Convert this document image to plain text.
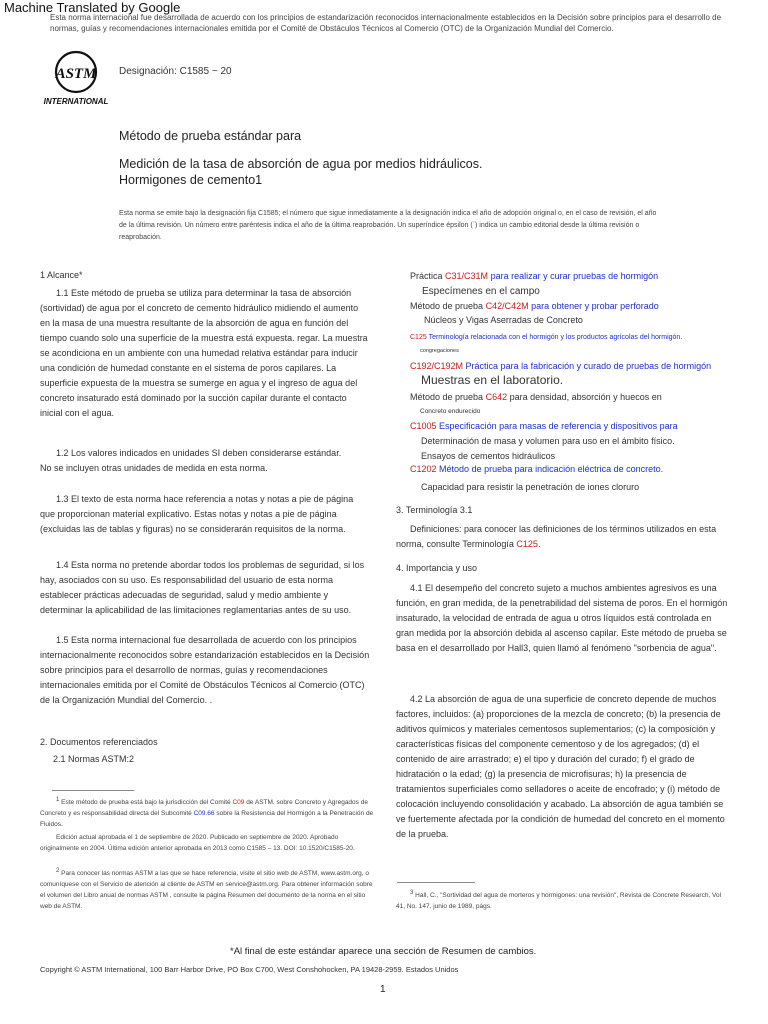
Esta norma internacional fue desarrollada de acuerdo con los principios de estandarización reconocidos internacionalmente establecidos en la Decisión sobre principios para el desarrollo de normas, guías y recomendaciones internacionales emitida por el Comité de Obstáculos Técnicos al Comercio (OTC) de la Organización Mundial del Comercio.
Machine Translated by Google
ASTM
INTERNATIONAL
Designación: C1585 − 20
Método de prueba estándar para
Medición de la tasa de absorción de agua por medios hidráulicos.
Hormigones de cemento1
Esta norma se emite bajo la designación fija C1585; el número que sigue inmediatamente a la designación indica el año de adopción original o, en el caso de revisión, el año de la última revisión. Un número entre paréntesis indica el año de la última reaprobación. Un superíndice épsilon (´) indica un cambio editorial desde la última revisión o reaprobación.
1 Alcance*

1.1 Este método de prueba se utiliza para determinar la tasa de absorción (sortividad) de agua por el concreto de cemento hidráulico midiendo el aumento en la masa de una muestra resultante de la absorción de agua en función del tiempo cuando solo una superficie de la muestra está expuesta. regar. La muestra se acondiciona en un ambiente con una humedad relativa estándar para inducir una condición de humedad constante en el sistema de poros capilares. La superficie expuesta de la muestra se sumerge en agua y el ingreso de agua del concreto insaturado está dominado por la succión capilar durante el contacto inicial con el agua.

1.2 Los valores indicados en unidades SI deben considerarse estándar.

No se incluyen otras unidades de medida en esta norma.

1.3 El texto de esta norma hace referencia a notas y notas a pie de página

que proporcionan material explicativo. Estas notas y notas a pie de página (excluidas las de tablas y figuras) no se considerarán requisitos de la norma.

1.4 Esta norma no pretende abordar todos los problemas de seguridad, si los hay, asociados con su uso. Es responsabilidad del usuario de esta norma establecer prácticas adecuadas de seguridad, salud y medio ambiente y determinar la aplicabilidad de las limitaciones reglamentarias antes de su uso.

1.5 Esta norma internacional fue desarrollada de acuerdo con los principios internacionalmente reconocidos sobre estandarización establecidos en la Decisión sobre principios para el desarrollo de normas, guías y recomendaciones internacionales emitida por el Comité de Obstáculos Técnicos al Comercio (OTC) de la Organización Mundial del Comercio. .

2. Documentos referenciados
2.1 Normas ASTM:2

1 Este método de prueba está bajo la jurisdicción del Comité C09 de ASTM. sobre Concreto y Agregados de Concreto y es responsabilidad directa del Subcomité C09.66 sobre la Resistencia del Hormigón a la Penetración de Fluidos.

Edición actual aprobada el 1 de septiembre de 2020. Publicado en septiembre de 2020. Aprobado originalmente en 2004. Última edición anterior aprobada en 2013 como C1585 – 13. DOI: 10.1520/C1585-20.

2 Para conocer las normas ASTM a las que se hace referencia, visite el sitio web de ASTM, www.astm.org, o comuníquese con el Servicio de atención al cliente de ASTM en service@astm.org. Para obtener información sobre el volumen del Libro anual de normas ASTM , consulte la página Resumen del documento de la norma en el sitio web de ASTM.

Práctica C31/C31M para realizar y curar pruebas de hormigón
Especímenes en el campo
Método de prueba C42/C42M para obtener y probar perforado
Núcleos y Vigas Aserradas de Concreto
C125 Terminología relacionada con el hormigón y los productos agrícolas del hormigón.
congregaciones
C192/C192M Práctica para la fabricación y curado de pruebas de hormigón
Muestras en el laboratorio.
Método de prueba C642 para densidad, absorción y huecos en
Concreto endurecido
C1005 Especificación para masas de referencia y dispositivos para
Determinación de masa y volumen para uso en el ámbito físico.
Ensayos de cementos hidráulicos
C1202 Método de prueba para indicación eléctrica de concreto.
Capacidad para resistir la penetración de iones cloruro
3. Terminología 3.1

Definiciones: para conocer las definiciones de los términos utilizados en esta norma, consulte Terminología C125.

4. Importancia y uso

4.1 El desempeño del concreto sujeto a muchos ambientes agresivos es una función, en gran medida, de la penetrabilidad del sistema de poros. En el hormigón insaturado, la velocidad de entrada de agua u otros líquidos está controlada en gran medida por la absorción debida al ascenso capilar. Este método de prueba se basa en el desarrollado por Hall3, quien llamó al fenómeno "sorbencia de agua".

4.2 La absorción de agua de una superficie de concreto depende de muchos factores, incluidos: (a) proporciones de la mezcla de concreto; (b) la presencia de aditivos químicos y materiales cementosos suplementarios; (c) la composición y características físicas del componente cementoso y de los agregados; (d) el contenido de aire arrastrado; e) el tipo y duración del curado; f) el grado de hidratación o la edad; (g) la presencia de microfisuras; h) la presencia de tratamientos superficiales como selladores o aceite de encofrado; y (i) método de colocación incluyendo consolidación y acabado. La absorción de agua también se ve fuertemente afectada por la condición de humedad del concreto en el momento de la prueba.

3 Hall, C., "Sortividad del agua de morteros y hormigones: una revisión", Revista de Concrete Research, Vol 41, No. 147, junio de 1989, págs.

*Al final de este estándar aparece una sección de Resumen de cambios.
Copyright © ASTM International, 100 Barr Harbor Drive, PO Box C700, West Conshohocken, PA 19428-2959. Estados Unidos
1
